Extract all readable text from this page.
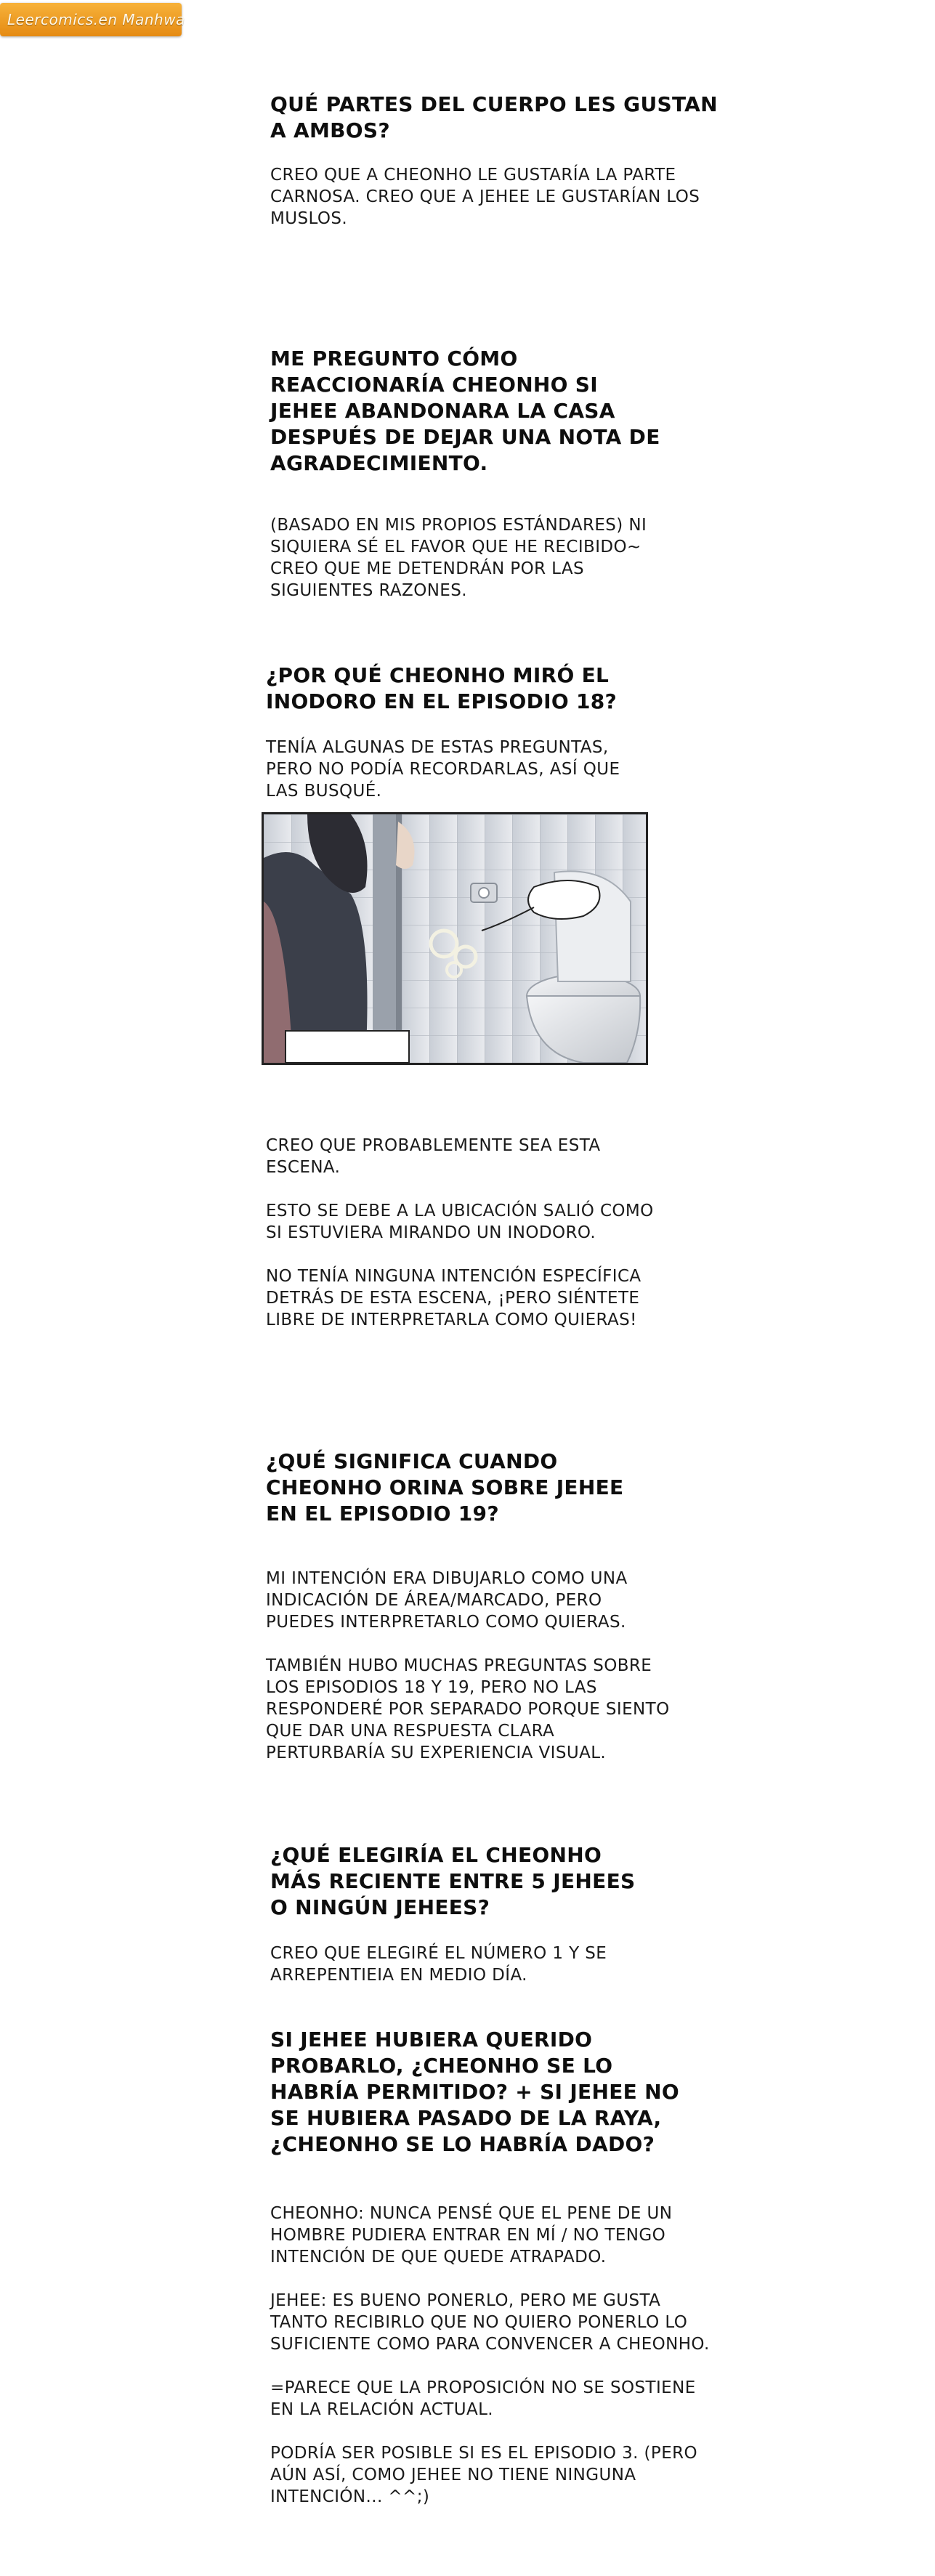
Leercomics.en Manhwa

QUÉ PARTES DEL CUERPO LES GUSTAN A AMBOS?

CREO QUE A CHEONHO LE GUSTARÍA LA PARTE CARNOSA. CREO QUE A JEHEE LE GUSTARÍAN LOS MUSLOS.

ME PREGUNTO CÓMO REACCIONARÍA CHEONHO SI JEHEE ABANDONARA LA CASA DESPUÉS DE DEJAR UNA NOTA DE AGRADECIMIENTO.

(BASADO EN MIS PROPIOS ESTÁNDARES) NI SIQUIERA SÉ EL FAVOR QUE HE RECIBIDO~ CREO QUE ME DETENDRÁN POR LAS SIGUIENTES RAZONES.

¿POR QUÉ CHEONHO MIRÓ EL INODORO EN EL EPISODIO 18?

TENÍA ALGUNAS DE ESTAS PREGUNTAS, PERO NO PODÍA RECORDARLAS, ASÍ QUE LAS BUSQUÉ.

CREO QUE PROBABLEMENTE SEA ESTA ESCENA.

ESTO SE DEBE A LA UBICACIÓN SALIÓ COMO SI ESTUVIERA MIRANDO UN INODORO.

NO TENÍA NINGUNA INTENCIÓN ESPECÍFICA DETRÁS DE ESTA ESCENA, ¡PERO SIÉNTETE LIBRE DE INTERPRETARLA COMO QUIERAS!

¿QUÉ SIGNIFICA CUANDO CHEONHO ORINA SOBRE JEHEE EN EL EPISODIO 19?

MI INTENCIÓN ERA DIBUJARLO COMO UNA INDICACIÓN DE ÁREA/MARCADO, PERO PUEDES INTERPRETARLO COMO QUIERAS.

TAMBIÉN HUBO MUCHAS PREGUNTAS SOBRE LOS EPISODIOS 18 Y 19, PERO NO LAS RESPONDERÉ POR SEPARADO PORQUE SIENTO QUE DAR UNA RESPUESTA CLARA PERTURBARÍA SU EXPERIENCIA VISUAL.

¿QUÉ ELEGIRÍA EL CHEONHO MÁS RECIENTE ENTRE 5 JEHEES O NINGÚN JEHEES?

CREO QUE ELEGIRÉ EL NÚMERO 1 Y SE ARREPENTIEIA EN MEDIO DÍA.

SI JEHEE HUBIERA QUERIDO PROBARLO, ¿CHEONHO SE LO HABRÍA PERMITIDO? + SI JEHEE NO SE HUBIERA PASADO DE LA RAYA, ¿CHEONHO SE LO HABRÍA DADO?

CHEONHO: NUNCA PENSÉ QUE EL PENE DE UN HOMBRE PUDIERA ENTRAR EN MÍ / NO TENGO INTENCIÓN DE QUE QUEDE ATRAPADO.

JEHEE: ES BUENO PONERLO, PERO ME GUSTA TANTO RECIBIRLO QUE NO QUIERO PONERLO LO SUFICIENTE COMO PARA CONVENCER A CHEONHO.

=PARECE QUE LA PROPOSICIÓN NO SE SOSTIENE EN LA RELACIÓN ACTUAL.

PODRÍA SER POSIBLE SI ES EL EPISODIO 3. (PERO AÚN ASÍ, COMO JEHEE NO TIENE NINGUNA INTENCIÓN... ^^;)
